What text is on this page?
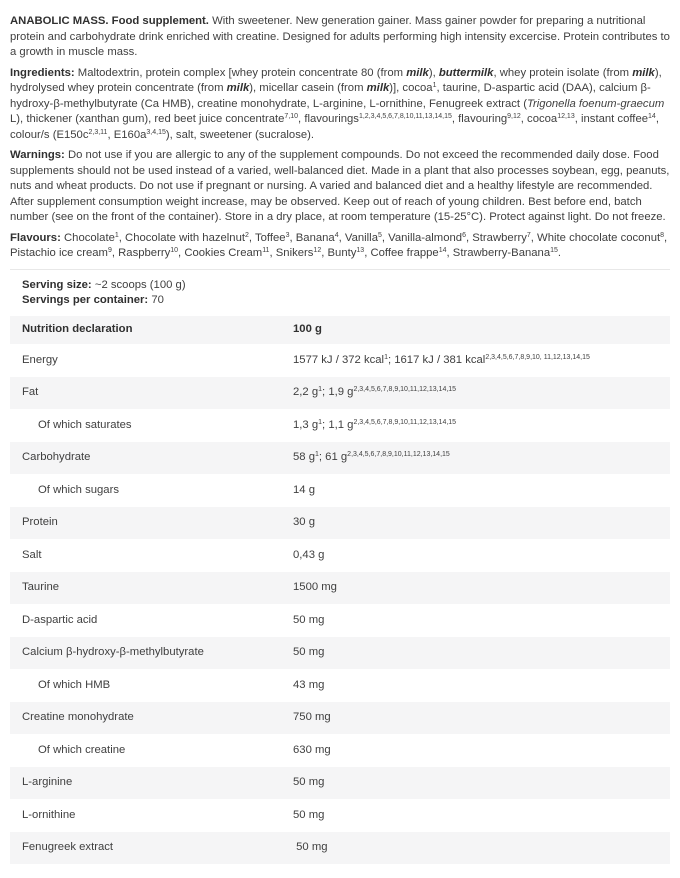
ANABOLIC MASS. Food supplement. With sweetener. New generation gainer. Mass gainer powder for preparing a nutritional protein and carbohydrate drink enriched with creatine. Designed for adults performing high intensity excercise. Protein contributes to a growth in muscle mass.

Ingredients: Maltodextrin, protein complex [whey protein concentrate 80 (from milk), buttermilk, whey protein isolate (from milk), hydrolysed whey protein concentrate (from milk), micellar casein (from milk)], cocoa$^1$, taurine, D-aspartic acid (DAA), calcium β-hydroxy-β-methylbutyrate (Ca HMB), creatine monohydrate, L-arginine, L-ornithine, Fenugreek extract (Trigonella foenum-graecum L), thickener (xanthan gum), red beet juice concentrate$^{7,10}$, flavourings$^{1,2,3,4,5,6,7,8,10,11,13,14,15}$, flavouring$^{9,12}$, cocoa$^{12,13}$, instant coffee$^{14}$, colour/s ($E150c^{2,3,11}$, $E160a^{3,4,15}$), salt, sweetener (sucralose).

Warnings: Do not use if you are allergic to any of the supplement compounds. Do not exceed the recommended daily dose. Food supplements should not be used instead of a varied, well-balanced diet. Made in a plant that also processes soybean, egg, peanuts, nuts and wheat products. Do not use if pregnant or nursing. A varied and balanced diet and a healthy lifestyle are recommended. After supplement consumption weight increase, may be observed. Keep out of reach of young children. Best before end, batch number (see on the front of the container). Store in a dry place, at room temperature (15-25°C). Protect against light. Do not freeze.

Flavours: Chocolate$^1$, Chocolate with hazelnut$^2$, Toffee$^3$, Banana$^4$, Vanilla$^5$, Vanilla-almond$^6$, Strawberry$^7$, White chocolate coconut$^8$, Pistachio ice cream$^9$, Raspberry$^{10}$, Cookies Cream$^{11}$, Snikers$^{12}$, Bunty$^{13}$, Coffee frappe$^{14}$, Strawberry-Banana$^{15}$.

Serving size: ~2 scoops (100 g)
Servings per container: 70
Nutrition declaration	100 g
Energy	1577 kJ / 372 kcal$^1$; 1617 kJ / 381 kcal$^{2,3,4,5,6,7,8,9,10, 11,12,13,14,15}$
Fat	2,2 $g^1$; 1,9 $g^{2,3,4,5,6,7,8,9,10,11,12,13,14,15}$
Of which saturates	1,3 $g^1$; 1,1 $g^{2,3,4,5,6,7,8,9,10,11,12,13,14,15}$
Carbohydrate	58 $g^1$; 61 $g^{2,3,4,5,6,7,8,9,10,11,12,13,14,15}$
Of which sugars	14 g
Protein	30 g
Salt	0,43 g
Taurine	1500 mg
D-aspartic acid	50 mg
Calcium β-hydroxy-β-methylbutyrate	50 mg
Of which HMB	43 mg
Creatine monohydrate	750 mg
Of which creatine	630 mg
L-arginine	50 mg
L-ornithine	50 mg
Fenugreek extract	50 mg
